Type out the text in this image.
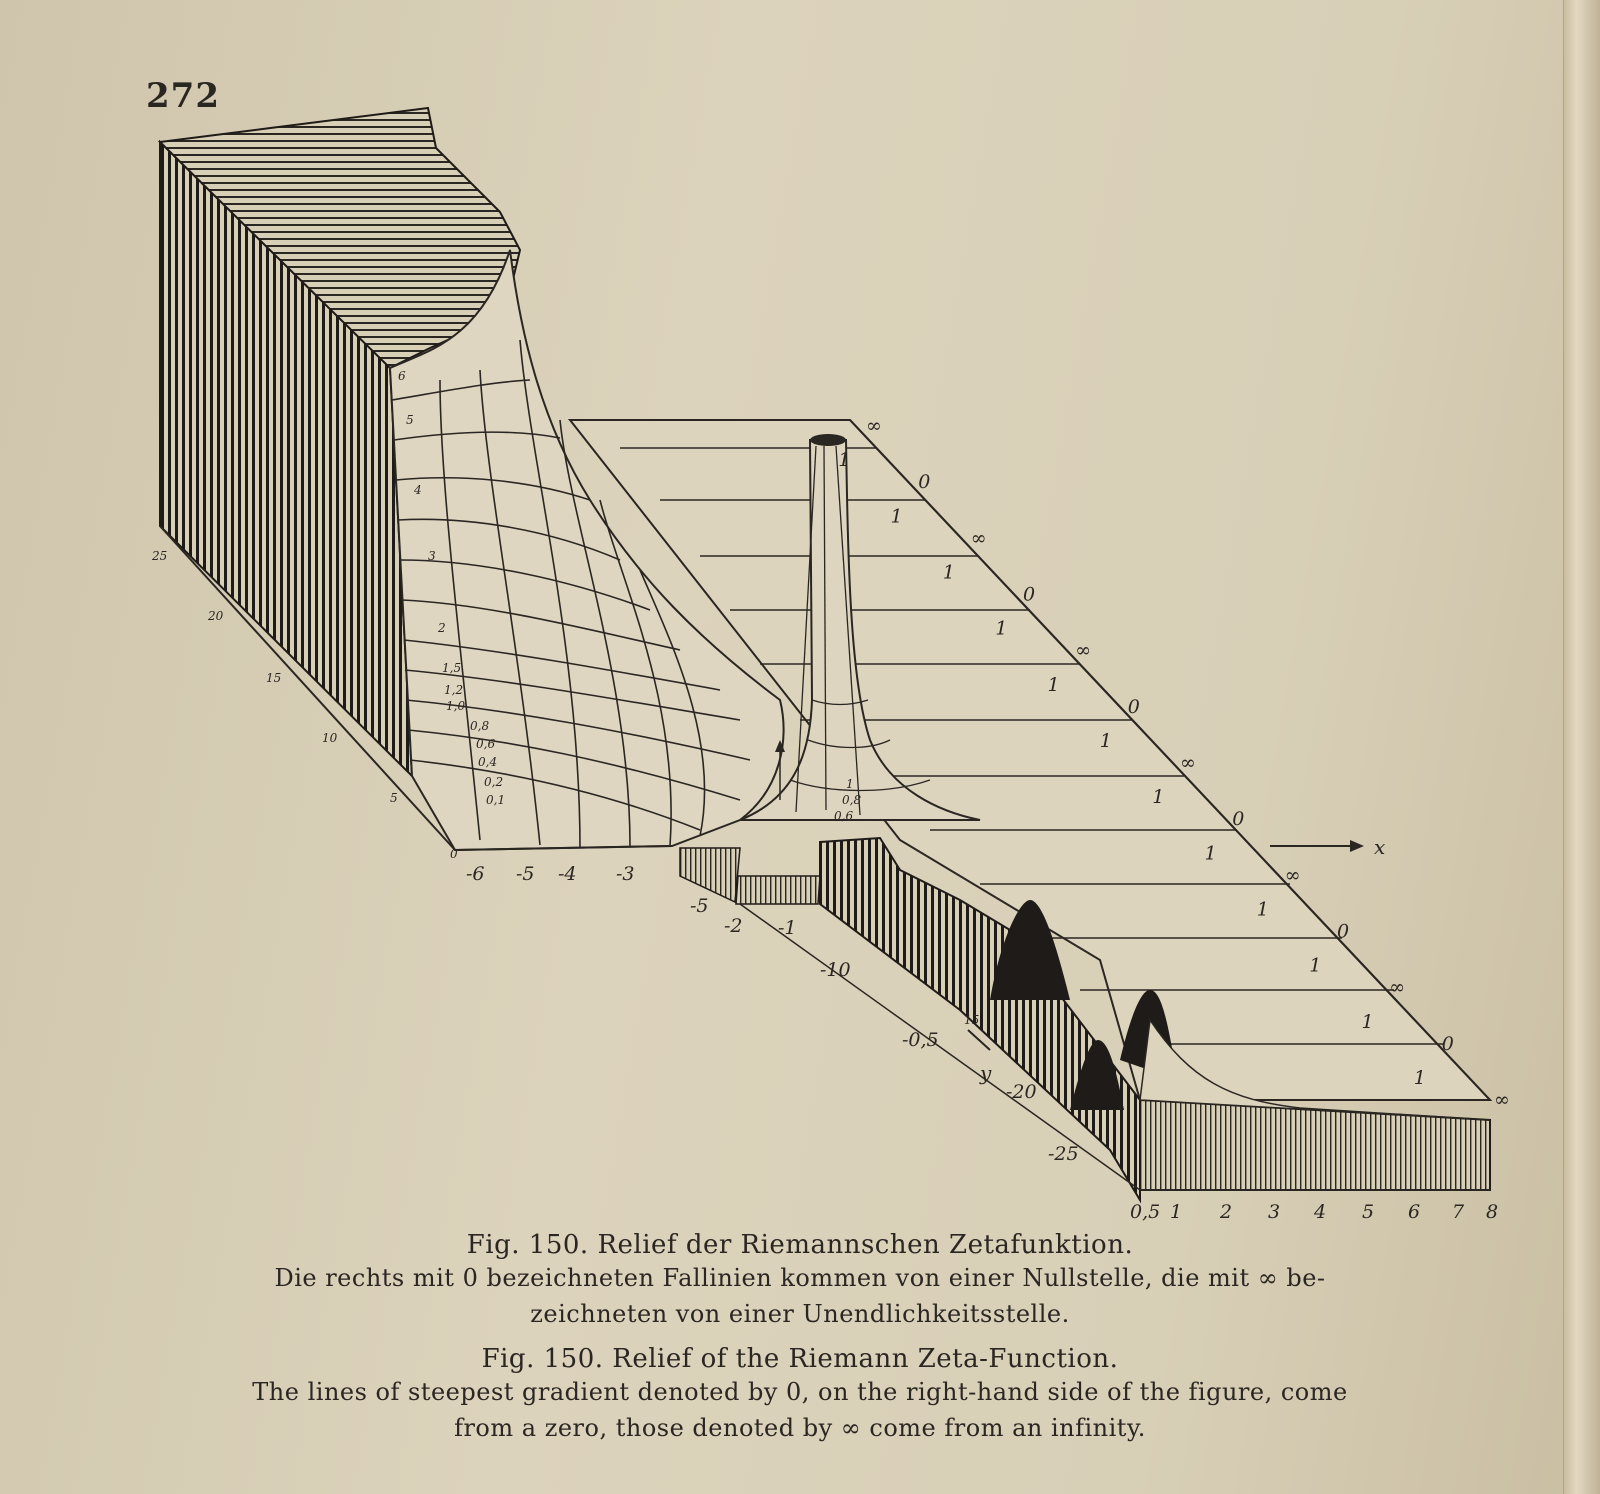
272
-6 -5 -4 -3
-2 -1
0,5 1 2 3 4 5 6 7 8
25
20
15
10
5
0
-5
-10
-0,5
-20
-25
6
5
4
3
2
1,5
1,2
1,0
0,8
0,6
0,4
0,2
0,1
1
0,8
0,6
∞
1
0
1
∞
1
0
1
∞
1
0
1
∞
1
0
1
∞
1
0
1
∞
1
0
1
∞
x
y
15
Fig. 150. Relief der Riemannschen Zetafunktion.
Die rechts mit 0 bezeichneten Fallinien kommen von einer Nullstelle, die mit ∞ be-
zeichneten von einer Unendlichkeitsstelle.
Fig. 150. Relief of the Riemann Zeta-Function.
The lines of steepest gradient denoted by 0, on the right-hand side of the figure, come
from a zero, those denoted by ∞ come from an infinity.
